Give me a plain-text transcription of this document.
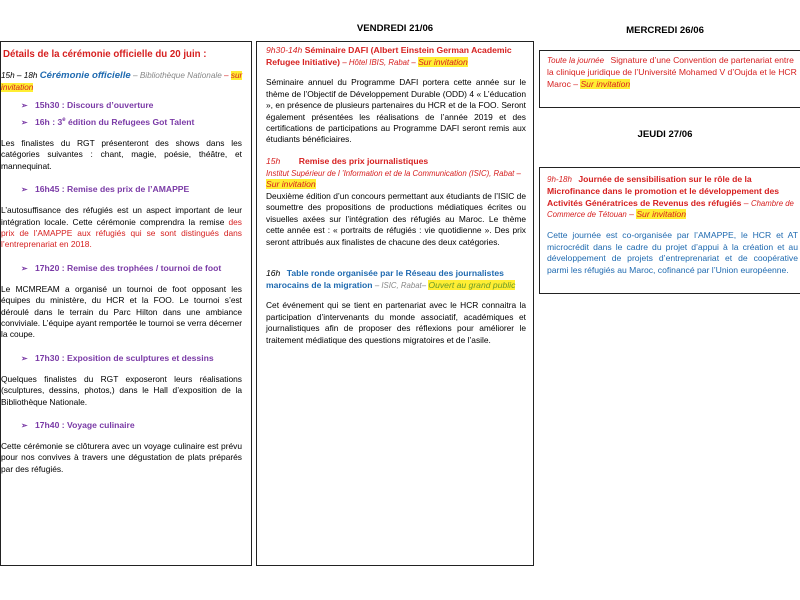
VENDREDI 21/06	MERCREDI 26/06
JEUDI 27/06
Détails de la cérémonie officielle du 20 juin :
15h – 18h Cérémonie officielle – Bibliothèque Nationale – sur invitation
➢ 15h30 : Discours d’ouverture
➢ 16h : 3e édition du Refugees Got Talent

Les finalistes du RGT présenteront des shows dans les catégories suivantes : chant, magie, poésie, théâtre, et mannequinat.

➢ 16h45 : Remise des prix de l’AMAPPE

L’autosuffisance des réfugiés est un aspect important de leur intégration locale. Cette cérémonie comprendra la remise des prix de l’AMAPPE aux réfugiés qui se sont distingués dans l’entreprenariat en 2018.

➢ 17h20 : Remise des trophées / tournoi de foot

Le MCMREAM a organisé un tournoi de foot opposant les équipes du ministère, du HCR et la FOO. Le tournoi s’est déroulé dans le terrain du Parc Hilton dans une ambiance conviviale. L’équipe ayant remportée le tournoi se verra décerner la coupe.

➢ 17h30 : Exposition de sculptures et dessins

Quelques finalistes du RGT exposeront leurs réalisations (sculptures, dessins, photos,) dans le Hall d’exposition de la Bibliothèque Nationale.

➢ 17h40 : Voyage culinaire

Cette cérémonie se clôturera avec un voyage culinaire est prévu pour nos convives à travers une dégustation de plats préparés par des réfugiés.

9h30-14h Séminaire DAFI (Albert Einstein German Academic Refugee Initiative) – Hôtel IBIS, Rabat – Sur invitation

Séminaire annuel du Programme DAFI portera cette année sur le thème de l’Objectif de Développement Durable (ODD) 4 « L’éducation », en présence de plusieurs partenaires du HCR et de la FOO. Seront également présentées les réalisations de l’année 2019 et des certifications de participations au Programme DAFI seront remis aux étudiants bénéficiaires.

15h Remise des prix journalistiques
Institut Supérieur de l ’Information et de la Communication (ISIC), Rabat – Sur invitation

Deuxième édition d’un concours permettant aux étudiants de l’ISIC de soumettre des propositions de productions médiatiques écrites ou visuelles axées sur l’intégration des réfugiés au Maroc. Le thème cette année est : « portraits de réfugiés : vie quotidienne ». Des prix seront attribués aux finalistes de chacune des deux catégories.

16h Table ronde organisée par le Réseau des journalistes marocains de la migration – ISIC, Rabat– Ouvert au grand public

Cet événement qui se tient en partenariat avec le HCR connaitra la participation d’intervenants du monde associatif, académiques et journalistiques afin de proposer des réflexions pour améliorer le traitement médiatique des questions migratoires et de l’asile.

Toute la journée Signature d’une Convention de partenariat entre la clinique juridique de l’Université Mohamed V d’Oujda et le HCR Maroc – Sur invitation
9h-18h Journée de sensibilisation sur le rôle de la Microfinance dans le promotion et le développement des Activités Génératrices de Revenus des réfugiés – Chambre de Commerce de Tétouan – Sur invitation

Cette journée est co-organisée par l’AMAPPE, le HCR et AT microcrédit dans le cadre du projet d’appui à la création et au développement de projets d’entreprenariat et de coopérative parmi les réfugiés au Maroc, cofinancé par l’Union européenne.
